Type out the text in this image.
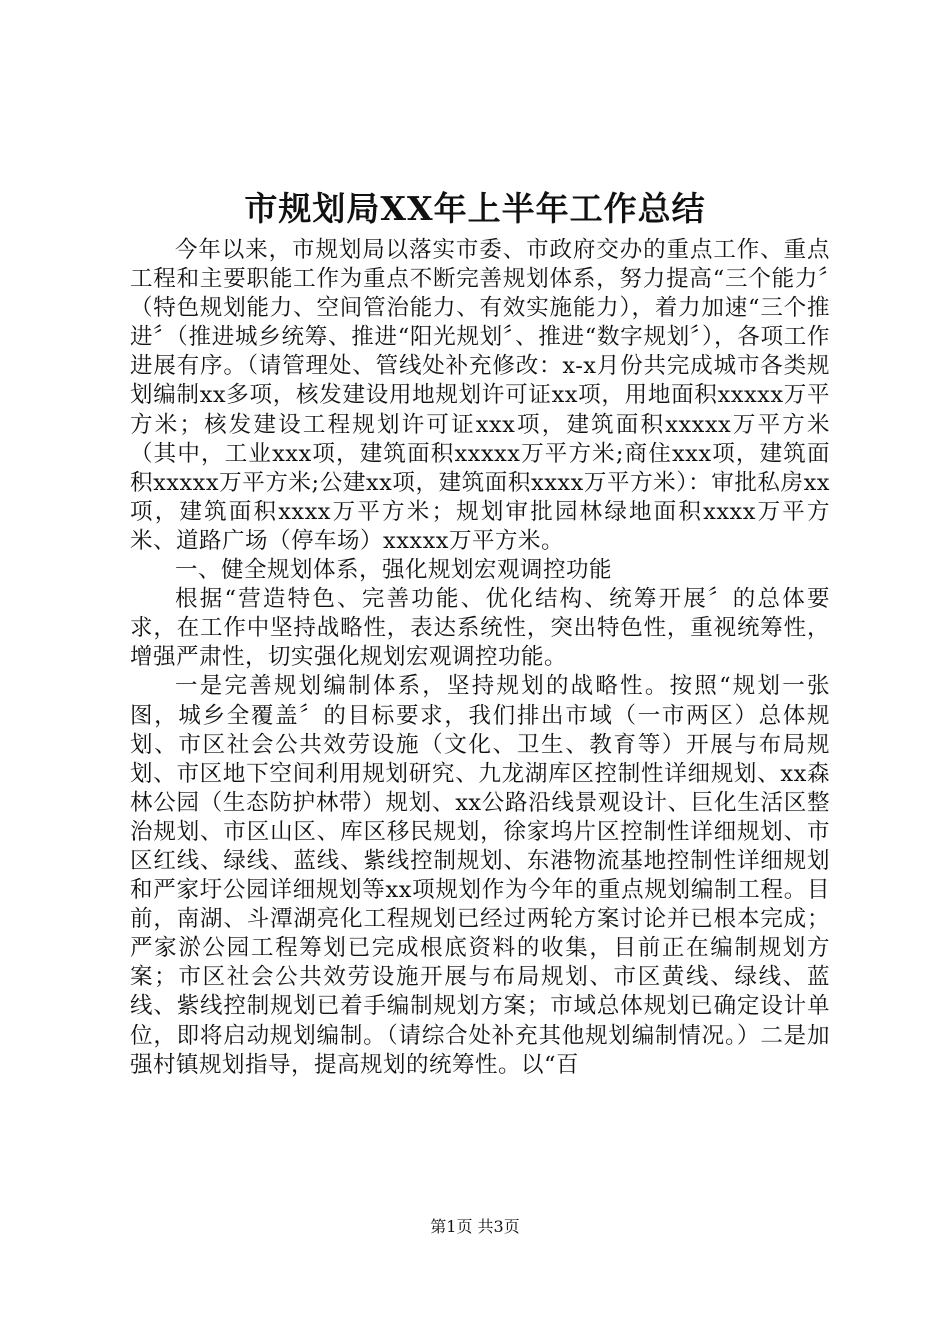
市规划局XX年上半年工作总结

今年以来，市规划局以落实市委、市政府交办的重点工作、重点工程和主要职能工作为重点不断完善规划体系，努力提高“三个能力〞（特色规划能力、空间管治能力、有效实施能力），着力加速“三个推进〞（推进城乡统筹、推进“阳光规划〞、推进“数字规划〞），各项工作进展有序。（请管理处、管线处补充修改：x-x月份共完成城市各类规划编制xx多项，核发建设用地规划许可证xx项，用地面积xxxxx万平方米；核发建设工程规划许可证xxx项，建筑面积xxxxx万平方米（其中，工业xxx项，建筑面积xxxxx万平方米;商住xxx项，建筑面积xxxxx万平方米;公建xx项，建筑面积xxxx万平方米）：审批私房xx项，建筑面积xxxx万平方米；规划审批园林绿地面积xxxx万平方米、道路广场（停车场）xxxxx万平方米。

一、健全规划体系，强化规划宏观调控功能

根据“营造特色、完善功能、优化结构、统筹开展〞的总体要求，在工作中坚持战略性，表达系统性，突出特色性，重视统筹性，增强严肃性，切实强化规划宏观调控功能。

一是完善规划编制体系，坚持规划的战略性。按照“规划一张图，城乡全覆盖〞的目标要求，我们排出市域（一市两区）总体规划、市区社会公共效劳设施（文化、卫生、教育等）开展与布局规划、市区地下空间利用规划研究、九龙湖库区控制性详细规划、xx森林公园（生态防护林带）规划、xx公路沿线景观设计、巨化生活区整治规划、市区山区、库区移民规划，徐家坞片区控制性详细规划、市区红线、绿线、蓝线、紫线控制规划、东港物流基地控制性详细规划和严家圩公园详细规划等xx项规划作为今年的重点规划编制工程。目前，南湖、斗潭湖亮化工程规划已经过两轮方案讨论并已根本完成；严家淤公园工程筹划已完成根底资料的收集，目前正在编制规划方案；市区社会公共效劳设施开展与布局规划、市区黄线、绿线、蓝线、紫线控制规划已着手编制规划方案；市域总体规划已确定设计单位，即将启动规划编制。（请综合处补充其他规划编制情况。）二是加强村镇规划指导，提高规划的统筹性。以“百

第1页 共3页
